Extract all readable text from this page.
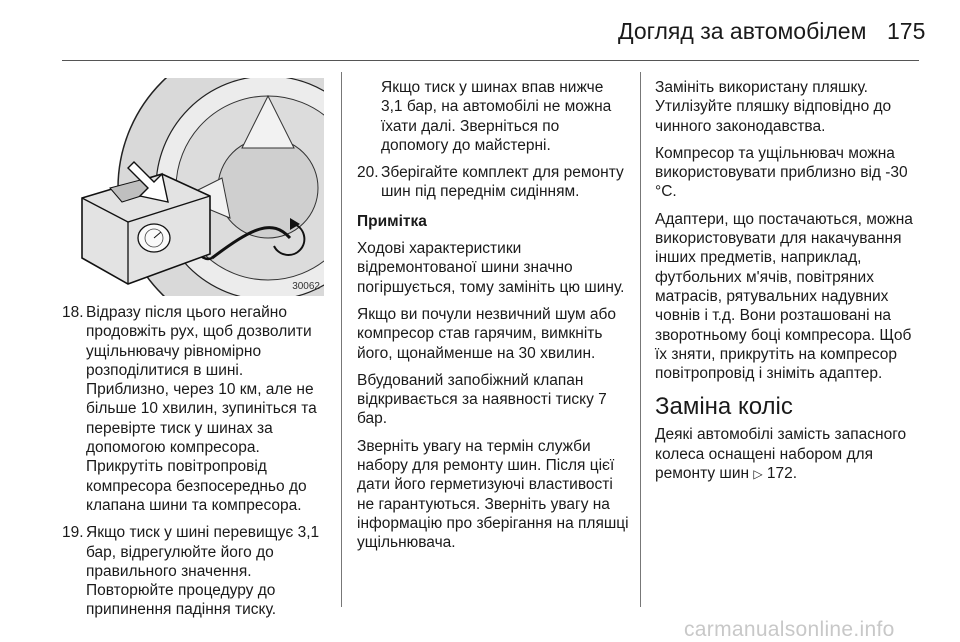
Догляд за автомобілем 175
30062
18. Відразу після цього негайно продовжіть рух, щоб дозволити ущільнювачу рівномірно розподілитися в шині. Приблизно, через 10 км, але не більше 10 хвилин, зупиніться та перевірте тиск у шинах за допомогою компресора. Прикрутіть повітропровід компресора безпосередньо до клапана шини та компресора.
19. Якщо тиск у шині перевищує 3,1 бар, відрегулюйте його до правильного значення. Повторюйте процедуру до припинення падіння тиску.
Якщо тиск у шинах впав нижче 3,1 бар, на автомобілі не можна їхати далі. Зверніться по допомогу до майстерні.
20. Зберігайте комплект для ремонту шин під переднім сидінням.

Примітка

Ходові характеристики відремонтованої шини значно погіршується, тому замініть цю шину.

Якщо ви почули незвичний шум або компресор став гарячим, вимкніть його, щонайменше на 30 хвилин.

Вбудований запобіжний клапан відкривається за наявності тиску 7 бар.

Зверніть увагу на термін служби набору для ремонту шин. Після цієї дати його герметизуючі властивості не гарантуються. Зверніть увагу на інформацію про зберігання на пляшці ущільнювача.

Замініть використану пляшку. Утилізуйте пляшку відповідно до чинного законодавства.

Компресор та ущільнювач можна використовувати приблизно від -30 °C.

Адаптери, що постачаються, можна використовувати для накачування інших предметів, наприклад, футбольних м'ячів, повітряних матрасів, рятувальних надувних човнів і т.д. Вони розташовані на зворотньому боці компресора. Щоб їх зняти, прикрутіть на компресор повітропровід і зніміть адаптер.

Заміна коліс

Деякі автомобілі замість запасного колеса оснащені набором для ремонту шин ▷ 172.

carmanualsonline.info
